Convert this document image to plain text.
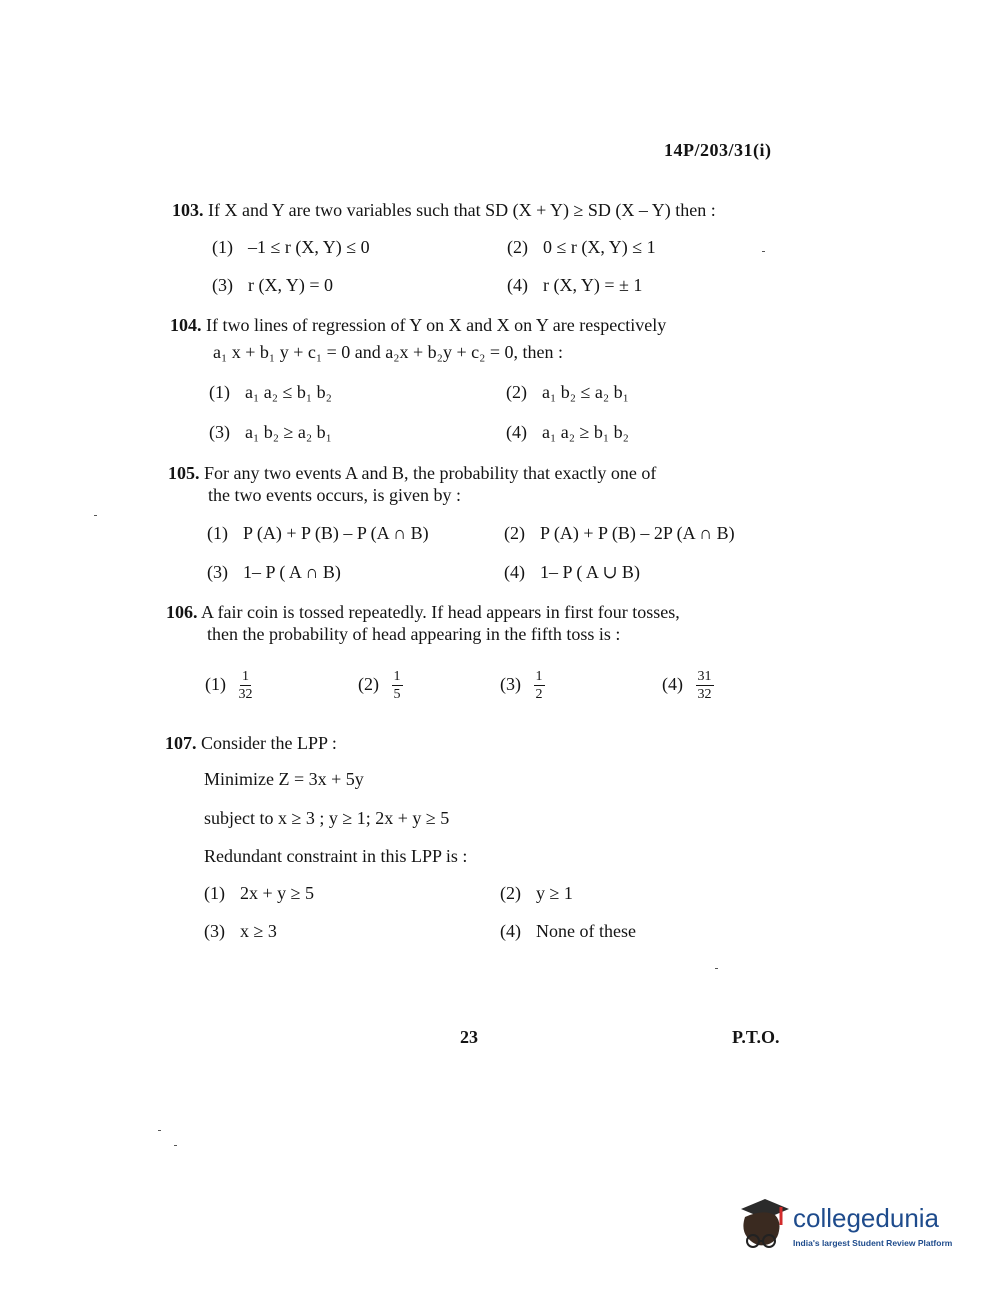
14P/203/31(i)
103. If X and Y are two variables such that SD (X + Y) ≥ SD (X – Y) then :
(1) –1 ≤ r (X, Y) ≤ 0	(2) 0 ≤ r (X, Y) ≤ 1
(3) r (X, Y) = 0	(4) r (X, Y) = ± 1
104. If two lines of regression of Y on X and X on Y are respectively
a₁ x + b₁ y + c₁ = 0 and a₂x + b₂y + c₂ = 0, then :
(1) a₁ a₂ ≤ b₁ b₂	(2) a₁ b₂ ≤ a₂ b₁
(3) a₁ b₂ ≥ a₂ b₁	(4) a₁ a₂ ≥ b₁ b₂
105. For any two events A and B, the probability that exactly one of
the two events occurs, is given by :
(1) P (A) + P (B) – P (A ∩ B)	(2) P (A) + P (B) – 2P (A ∩ B)
(3) 1– P ( A ∩ B)	(4) 1– P ( A ∪ B)
106. A fair coin is tossed repeatedly. If head appears in first four tosses,
then the probability of head appearing in the fifth toss is :
$(1) \frac{1}{32}$	$(2) \frac{1}{5}$	$(3) \frac{1}{2}$	$(4) \frac{31}{32}$
107. Consider the LPP :
Minimize Z = 3x + 5y
subject to x ≥ 3 ; y ≥ 1; 2x + y ≥ 5
Redundant constraint in this LPP is :
(1) 2x + y ≥ 5	(2) y ≥ 1
(3) x ≥ 3	(4) None of these
23	P.T.O.
collegedunia
India's largest Student Review Platform
